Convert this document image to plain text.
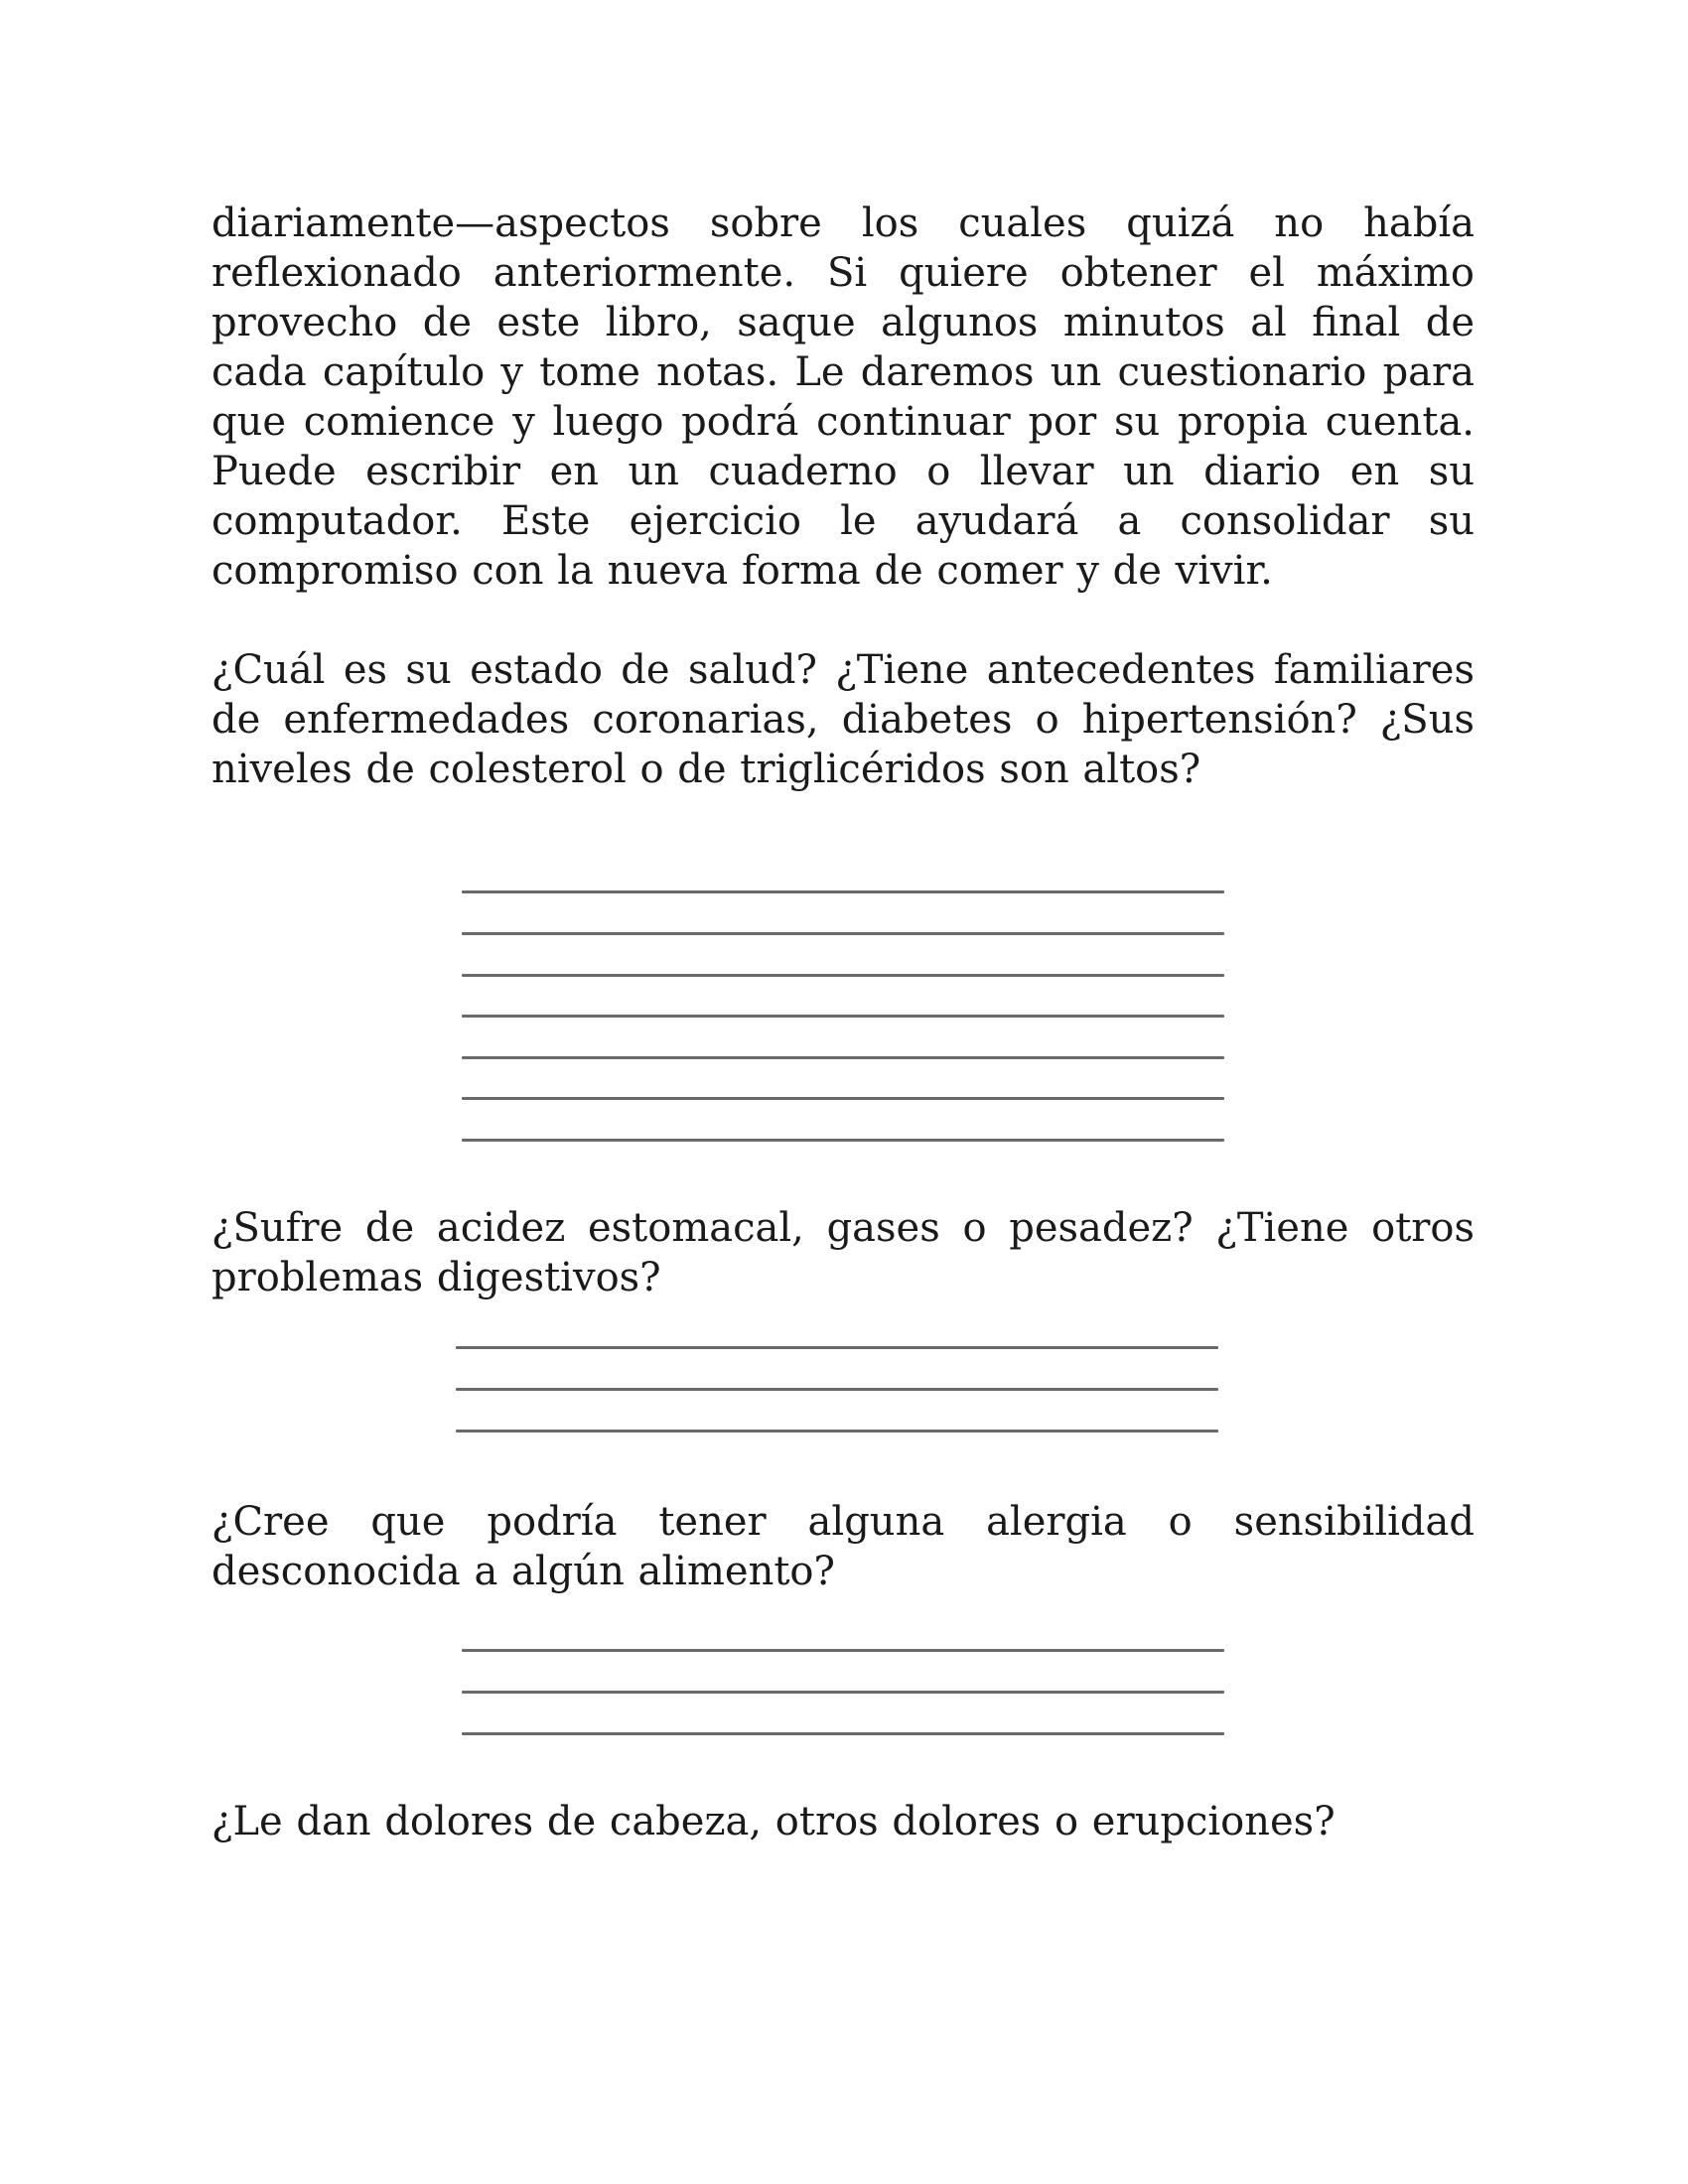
diariamente—aspectos sobre los cuales quizá no había reflexionado anteriormente. Si quiere obtener el máximo provecho de este libro, saque algunos minutos al final de cada capítulo y tome notas. Le daremos un cuestionario para que comience y luego podrá continuar por su propia cuenta. Puede escribir en un cuaderno o llevar un diario en su computador. Este ejercicio le ayudará a consolidar su compromiso con la nueva forma de comer y de vivir.

¿Cuál es su estado de salud? ¿Tiene antecedentes familiares de enfermedades coronarias, diabetes o hipertensión? ¿Sus niveles de colesterol o de triglicéridos son altos?

¿Sufre de acidez estomacal, gases o pesadez? ¿Tiene otros problemas digestivos?

¿Cree que podría tener alguna alergia o sensibilidad desconocida a algún alimento?

¿Le dan dolores de cabeza, otros dolores o erupciones?
